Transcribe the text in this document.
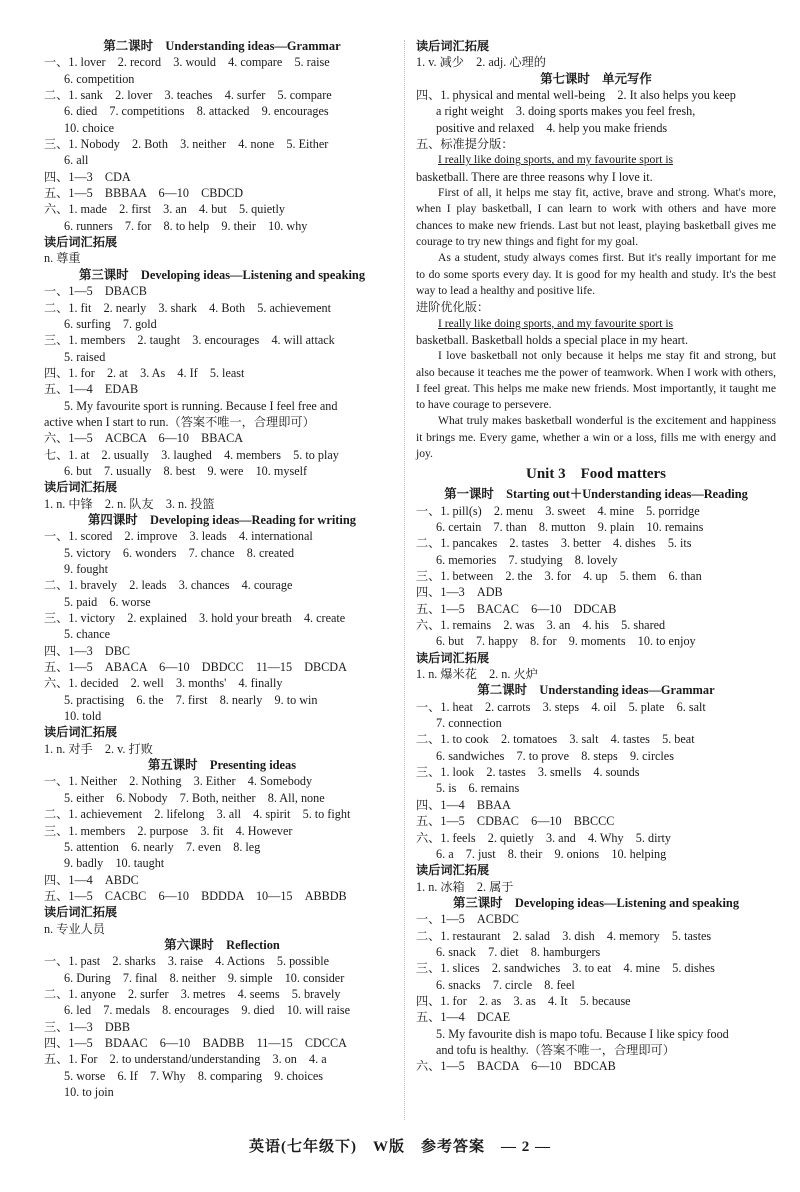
第二课时　Understanding ideas—Grammar
一、1. lover　2. record　3. would　4. compare　5. raise
6. competition
二、1. sank　2. lover　3. teaches　4. surfer　5. compare
6. died　7. competitions　8. attacked　9. encourages
10. choice
三、1. Nobody　2. Both　3. neither　4. none　5. Either
6. all
四、1—3　CDA
五、1—5　BBBAA　6—10　CBDCD
六、1. made　2. first　3. an　4. but　5. quietly
6. runners　7. for　8. to help　9. their　10. why
读后词汇拓展
n. 尊重
第三课时　Developing ideas—Listening and speaking
一、1—5　DBACB
二、1. fit　2. nearly　3. shark　4. Both　5. achievement
6. surfing　7. gold
三、1. members　2. taught　3. encourages　4. will attack
5. raised
四、1. for　2. at　3. As　4. If　5. least
五、1—4　EDAB
5. My favourite sport is running. Because I feel free and
active when I start to run.（答案不唯一，合理即可）
六、1—5　ACBCA　6—10　BBACA
七、1. at　2. usually　3. laughed　4. members　5. to play
6. but　7. usually　8. best　9. were　10. myself
读后词汇拓展
1. n. 中锋　2. n. 队友　3. n. 投篮
第四课时　Developing ideas—Reading for writing
一、1. scored　2. improve　3. leads　4. international
5. victory　6. wonders　7. chance　8. created
9. fought
二、1. bravely　2. leads　3. chances　4. courage
5. paid　6. worse
三、1. victory　2. explained　3. hold your breath　4. create
5. chance
四、1—3　DBC
五、1—5　ABACA　6—10　DBDCC　11—15　DBCDA
六、1. decided　2. well　3. months'　4. finally
5. practising　6. the　7. first　8. nearly　9. to win
10. told
读后词汇拓展
1. n. 对手　2. v. 打败
第五课时　Presenting ideas
一、1. Neither　2. Nothing　3. Either　4. Somebody
5. either　6. Nobody　7. Both, neither　8. All, none
二、1. achievement　2. lifelong　3. all　4. spirit　5. to fight
三、1. members　2. purpose　3. fit　4. However
5. attention　6. nearly　7. even　8. leg
9. badly　10. taught
四、1—4　ABDC
五、1—5　CACBC　6—10　BDDDA　10—15　ABBDB
读后词汇拓展
n. 专业人员
第六课时　Reflection
一、1. past　2. sharks　3. raise　4. Actions　5. possible
6. During　7. final　8. neither　9. simple　10. consider
二、1. anyone　2. surfer　3. metres　4. seems　5. bravely
6. led　7. medals　8. encourages　9. died　10. will raise
三、1—3　DBB
四、1—5　BDAAC　6—10　BADBB　11—15　CDCCA
五、1. For　2. to understand/understanding　3. on　4. a
5. worse　6. If　7. Why　8. comparing　9. choices
10. to join
读后词汇拓展
1. v. 减少　2. adj. 心理的
第七课时　单元写作
四、1. physical and mental well-being　2. It also helps you keep
a right weight　3. doing sports makes you feel fresh,
positive and relaxed　4. help you make friends
五、标准提分版：
I really like doing sports, and my favourite sport is
basketball. There are three reasons why I love it.
First of all, it helps me stay fit, active, brave and strong. What's more, when I play basketball, I can learn to work with others and have more chances to make new friends. Last but not least, playing basketball gives me courage to try new things and fight for my goal.
As a student, study always comes first. But it's really important for me to do some sports every day. It is good for my health and study. It's the best way to lead a healthy and positive life.
进阶优化版：
I really like doing sports, and my favourite sport is
basketball. Basketball holds a special place in my heart.
I love basketball not only because it helps me stay fit and strong, but also because it teaches me the power of teamwork. When I work with others, I feel great. This helps me make new friends. Most importantly, it taught me to have courage to persevere.
What truly makes basketball wonderful is the excitement and happiness it brings me. Every game, whether a win or a loss, fills me with energy and joy.
Unit 3　Food matters
第一课时　Starting out＋Understanding ideas—Reading
一、1. pill(s)　2. menu　3. sweet　4. mine　5. porridge
6. certain　7. than　8. mutton　9. plain　10. remains
二、1. pancakes　2. tastes　3. better　4. dishes　5. its
6. memories　7. studying　8. lovely
三、1. between　2. the　3. for　4. up　5. them　6. than
四、1—3　ADB
五、1—5　BACAC　6—10　DDCAB
六、1. remains　2. was　3. an　4. his　5. shared
6. but　7. happy　8. for　9. moments　10. to enjoy
读后词汇拓展
1. n. 爆米花　2. n. 火炉
第二课时　Understanding ideas—Grammar
一、1. heat　2. carrots　3. steps　4. oil　5. plate　6. salt
7. connection
二、1. to cook　2. tomatoes　3. salt　4. tastes　5. beat
6. sandwiches　7. to prove　8. steps　9. circles
三、1. look　2. tastes　3. smells　4. sounds
5. is　6. remains
四、1—4　BBAA
五、1—5　CDBAC　6—10　BBCCC
六、1. feels　2. quietly　3. and　4. Why　5. dirty
6. a　7. just　8. their　9. onions　10. helping
读后词汇拓展
1. n. 冰箱　2. 属于
第三课时　Developing ideas—Listening and speaking
一、1—5　ACBDC
二、1. restaurant　2. salad　3. dish　4. memory　5. tastes
6. snack　7. diet　8. hamburgers
三、1. slices　2. sandwiches　3. to eat　4. mine　5. dishes
6. snacks　7. circle　8. feel
四、1. for　2. as　3. as　4. It　5. because
五、1—4　DCAE
5. My favourite dish is mapo tofu. Because I like spicy food
and tofu is healthy.（答案不唯一，合理即可）
六、1—5　BACDA　6—10　BDCAB
英语(七年级下)　W版　参考答案　— 2 —
